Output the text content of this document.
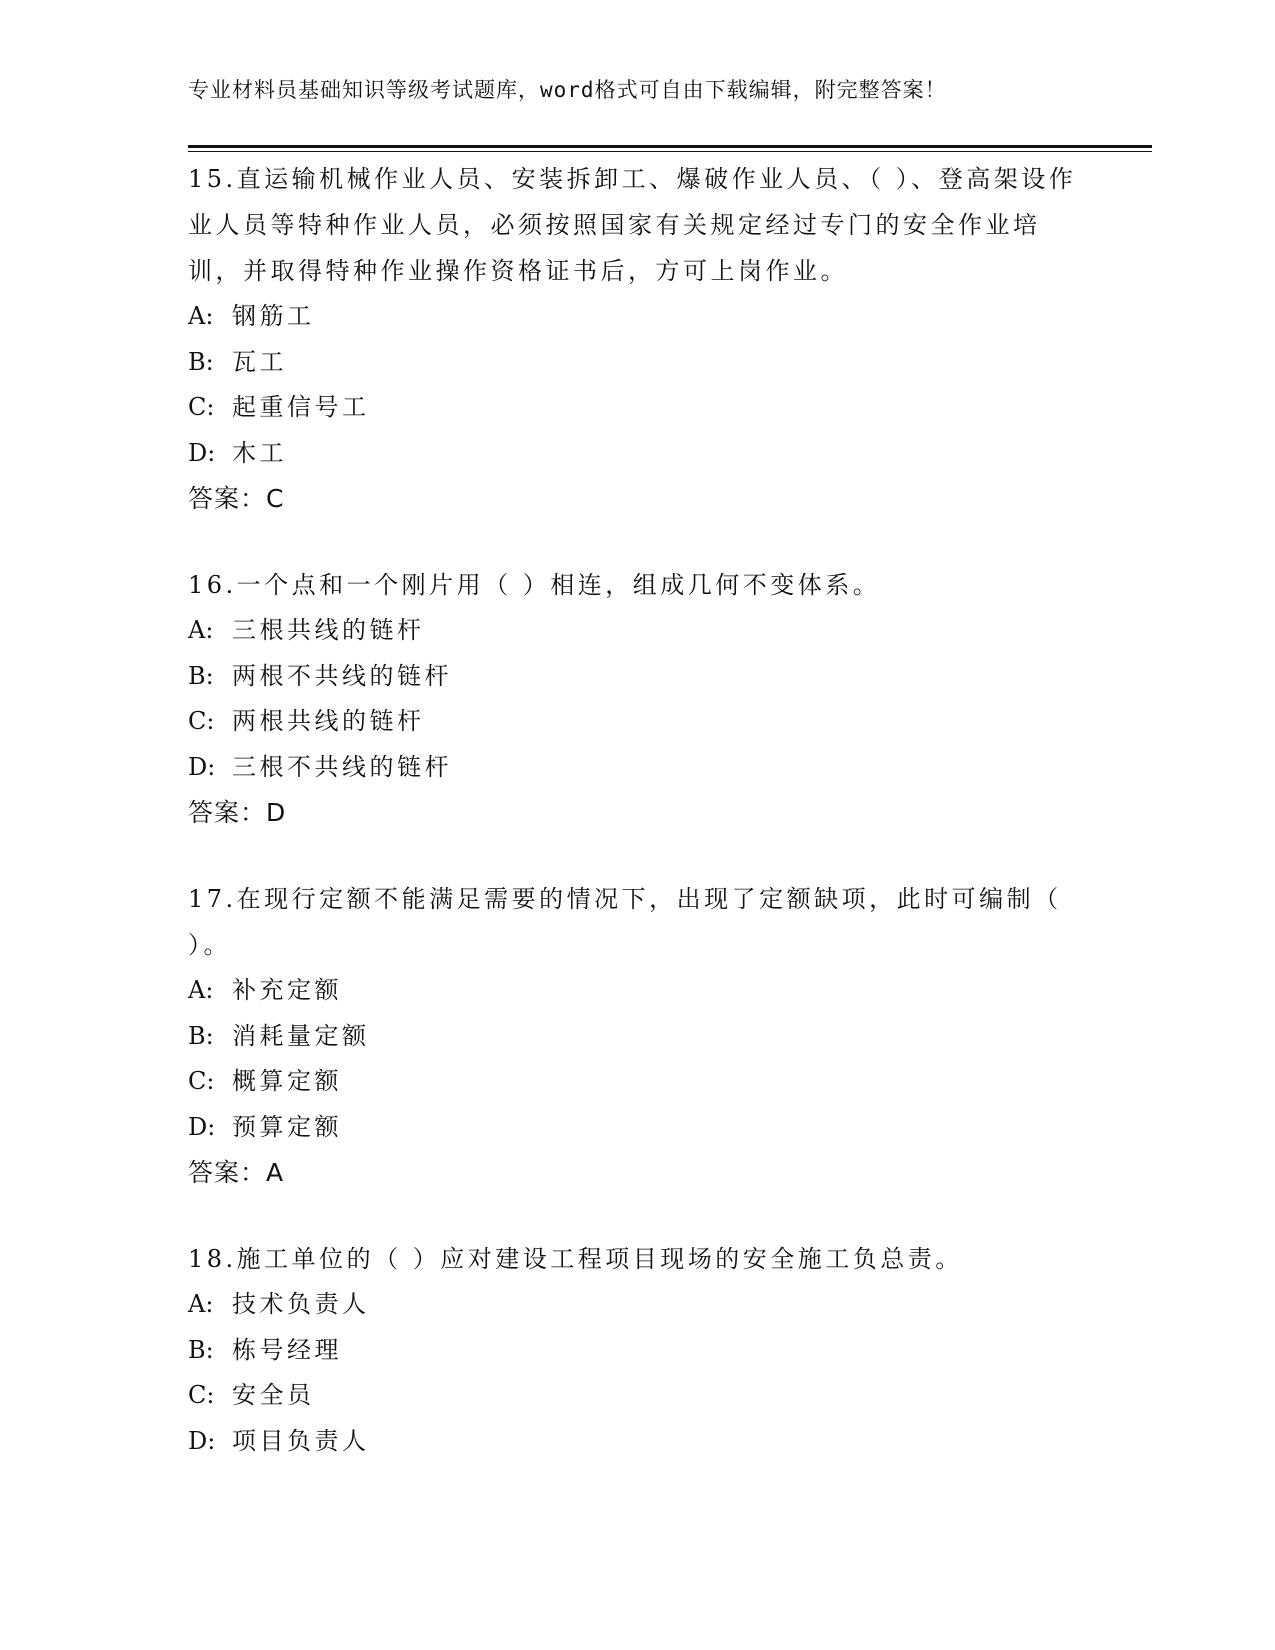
专业材料员基础知识等级考试题库，word格式可自由下载编辑，附完整答案！

15.直运输机械作业人员、安装拆卸工、爆破作业人员、（ ）、登高架设作业人员等特种作业人员，必须按照国家有关规定经过专门的安全作业培训，并取得特种作业操作资格证书后，方可上岗作业。

A: 钢筋工

B: 瓦工

C: 起重信号工

D: 木工

答案：C

16.一个点和一个刚片用（ ）相连，组成几何不变体系。

A: 三根共线的链杆

B: 两根不共线的链杆

C: 两根共线的链杆

D: 三根不共线的链杆

答案：D

17.在现行定额不能满足需要的情况下，出现了定额缺项，此时可编制（ ）。

A: 补充定额

B: 消耗量定额

C: 概算定额

D: 预算定额

答案：A

18.施工单位的（ ）应对建设工程项目现场的安全施工负总责。

A: 技术负责人

B: 栋号经理

C: 安全员

D: 项目负责人
